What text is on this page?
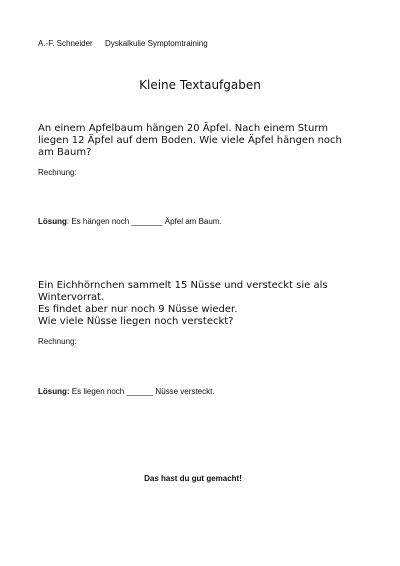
A.-F. Schneider Dyskalkulie Symptomtraining
Kleine Textaufgaben
An einem Apfelbaum hängen 20 Äpfel. Nach einem Sturm
liegen 12 Äpfel auf dem Boden. Wie viele Äpfel hängen noch
am Baum?
Rechnung:
Lösung: Es hängen noch _______ Äpfel am Baum.
Ein Eichhörnchen sammelt 15 Nüsse und versteckt sie als
Wintervorrat.
Es findet aber nur noch 9 Nüsse wieder.
Wie viele Nüsse liegen noch versteckt?
Rechnung:
Lösung: Es liegen noch ______ Nüsse versteckt.
Das hast du gut gemacht!
